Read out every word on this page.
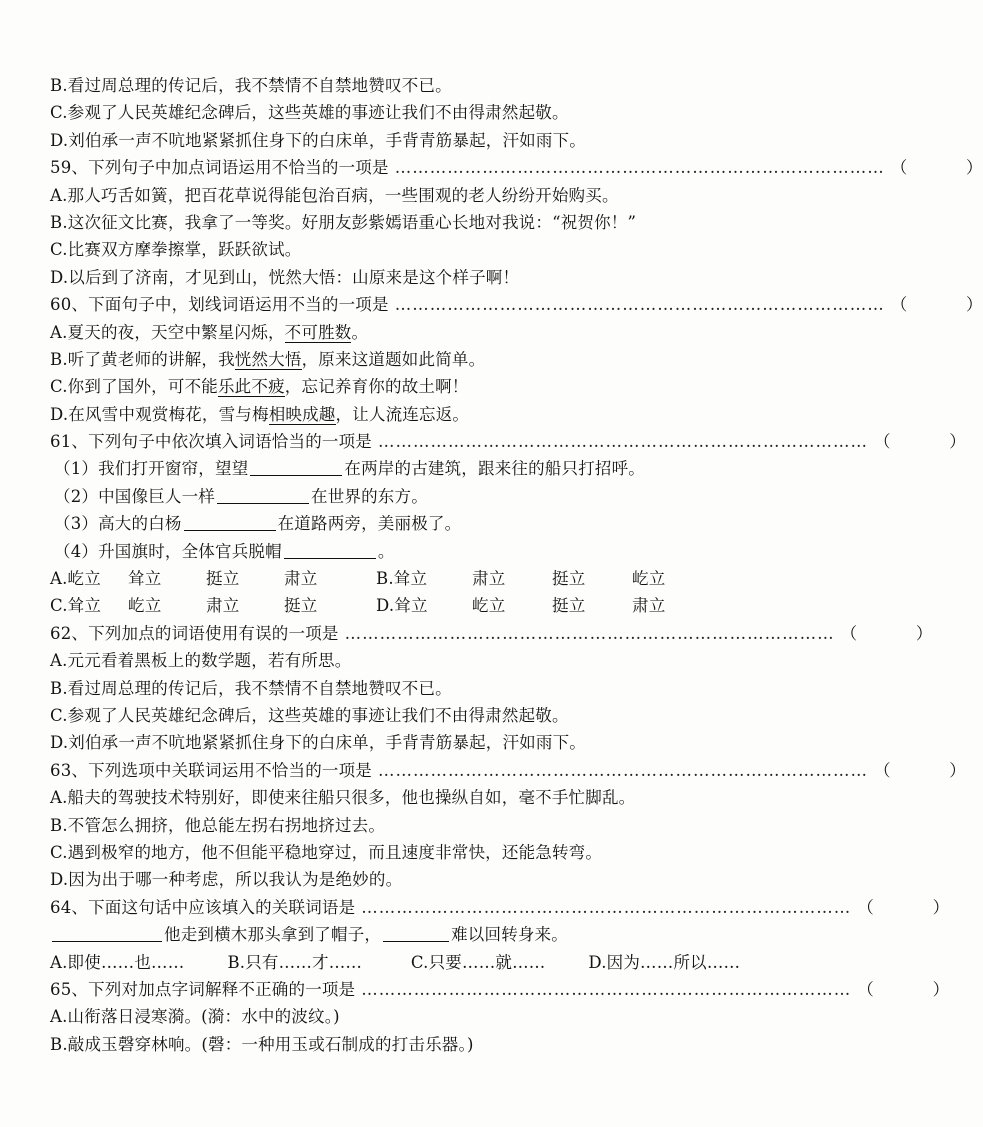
B.看过周总理的传记后，我不禁情不自禁地赞叹不已。
C.参观了人民英雄纪念碑后，这些英雄的事迹让我们不由得肃然起敬。
D.刘伯承一声不吭地紧紧抓住身下的白床单，手背青筋暴起，汗如雨下。
59、下列句子中加点词语运用不恰当的一项是 ………………………………………………………………………… （	）
A.那人巧舌如簧，把百花草说得能包治百病，一些围观的老人纷纷开始购买。
B.这次征文比赛，我拿了一等奖。好朋友彭紫嫣语重心长地对我说：“祝贺你！”
C.比赛双方摩拳擦掌，跃跃欲试。
D.以后到了济南，才见到山，恍然大悟：山原来是这个样子啊！
60、下面句子中，划线词语运用不当的一项是 ………………………………………………………………………… （	）
A.夏天的夜，天空中繁星闪烁，不可胜数。
B.听了黄老师的讲解，我恍然大悟，原来这道题如此简单。
C.你到了国外，可不能乐此不疲，忘记养育你的故土啊！
D.在风雪中观赏梅花，雪与梅相映成趣，让人流连忘返。
61、下列句子中依次填入词语恰当的一项是 ………………………………………………………………………… （	）
（1）我们打开窗帘，望望	在两岸的古建筑，跟来往的船只打招呼。
（2）中国像巨人一样	在世界的东方。
（3）高大的白杨	在道路两旁，美丽极了。
（4）升国旗时，全体官兵脱帽	。
A.屹立	耸立	挺立	肃立	B.耸立	肃立	挺立	屹立
C.耸立	屹立	肃立	挺立	D.耸立	屹立	挺立	肃立
62、下列加点的词语使用有误的一项是 ………………………………………………………………………… （	）
A.元元看着黑板上的数学题，若有所思。
B.看过周总理的传记后，我不禁情不自禁地赞叹不已。
C.参观了人民英雄纪念碑后，这些英雄的事迹让我们不由得肃然起敬。
D.刘伯承一声不吭地紧紧抓住身下的白床单，手背青筋暴起，汗如雨下。
63、下列选项中关联词运用不恰当的一项是 ………………………………………………………………………… （	）
A.船夫的驾驶技术特别好，即使来往船只很多，他也操纵自如，毫不手忙脚乱。
B.不管怎么拥挤，他总能左拐右拐地挤过去。
C.遇到极窄的地方，他不但能平稳地穿过，而且速度非常快，还能急转弯。
D.因为出于哪一种考虑，所以我认为是绝妙的。
64、下面这句话中应该填入的关联词语是 ………………………………………………………………………… （	）
他走到横木那头拿到了帽子，	难以回转身来。
A.即使……也……	B.只有……才……	C.只要……就……	D.因为……所以……
65、下列对加点字词解释不正确的一项是 ………………………………………………………………………… （	）
A.山衔落日浸寒漪。(漪：水中的波纹。)
B.敲成玉磬穿林响。(磬：一种用玉或石制成的打击乐器。)
